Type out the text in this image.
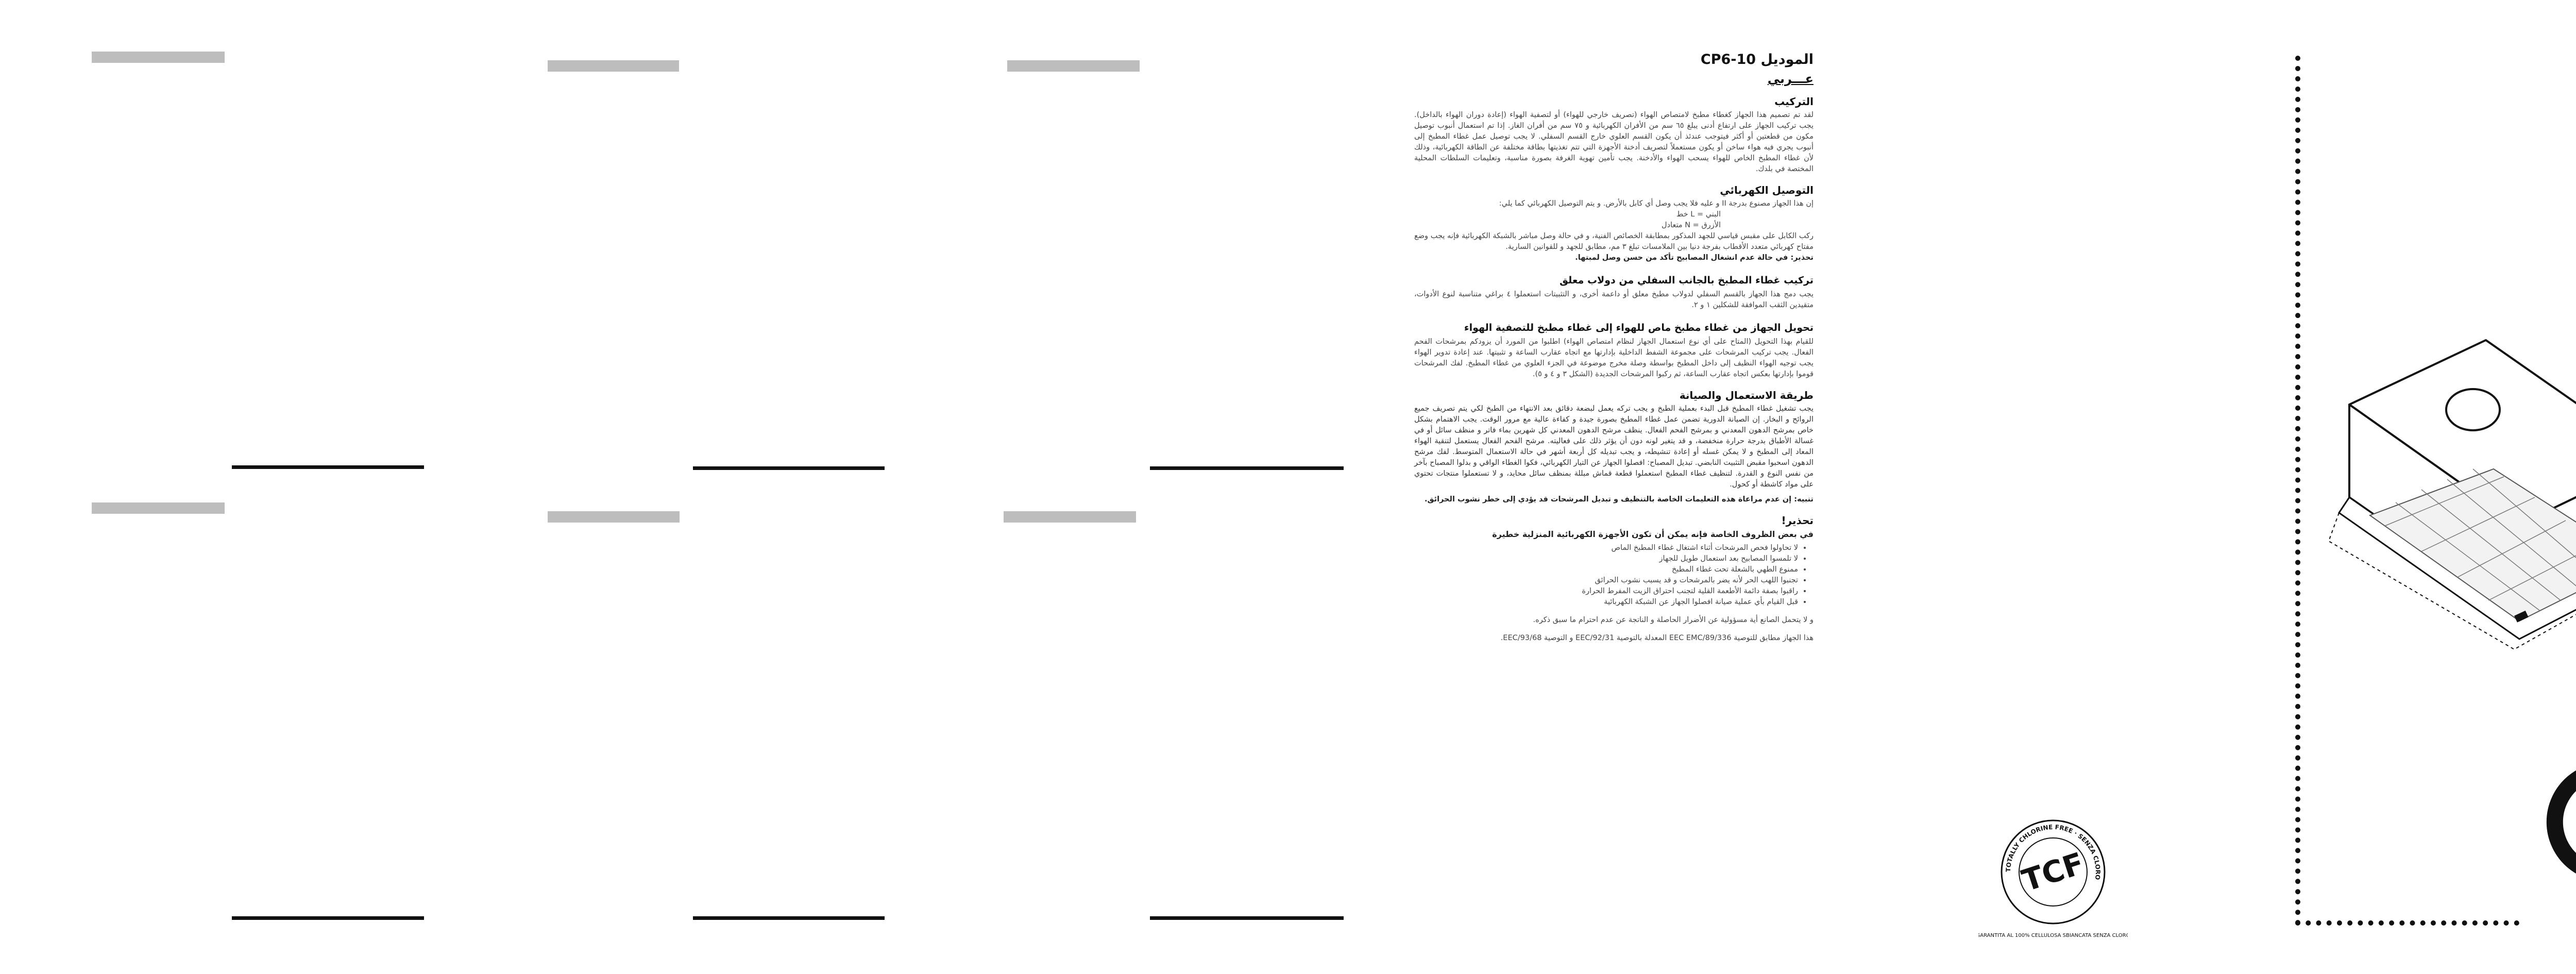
الموديل CP6-10
عـــربي
التركيب

لقد تم تصميم هذا الجهاز كغطاء مطبخ لامتصاص الهواء (تصريف خارجي للهواء) أو لتصفية الهواء (إعادة دوران الهواء بالداخل). يجب تركيب الجهاز على ارتفاع أدنى يبلغ ٦٥ سم من الأفران الكهربائية و ٧٥ سم من أفران الغاز. إذا تم استعمال أنبوب توصيل مكون من قطعتين أو أكثر فيتوجب عندئذ أن يكون القسم العلوي خارج القسم السفلي. لا يجب توصيل عمل غطاء المطبخ إلى أنبوب يجري فيه هواء ساخن أو يكون مستعملاً لتصريف أدخنة الأجهزة التي تتم تغذيتها بطاقة مختلفة عن الطاقة الكهربائية، وذلك لأن غطاء المطبخ الخاص للهواء يسحب الهواء والأدخنة. يجب تأمين تهوية الغرفة بصورة مناسبة، وتعليمات السلطات المحلية المختصة في بلدك.

التوصيل الكهربائي

إن هذا الجهاز مصنوع بدرجة II و عليه فلا يجب وصل أي كابل بالأرض. و يتم التوصيل الكهربائي كما يلي:

البني = L خط

الأزرق = N متعادل

ركب الكابل على مقبس قياسي للجهد المذكور بمطابقة الخصائص الفنية، و في حالة وصل مباشر بالشبكة الكهربائية فإنه يجب وضع مفتاح كهربائي متعدد الأقطاب بفرجة دنيا بين الملامسات تبلغ ٣ مم، مطابق للجهد و للقوانين السارية.

تحذير: في حالة عدم انشغال المصابيح تأكد من حسن وصل لمبتها.

تركيب غطاء المطبخ بالجانب السفلي من دولاب معلق

يجب دمج هذا الجهاز بالقسم السفلي لدولاب مطبخ معلق أو داعمة أخرى، و التثبيتات استعملوا ٤ براغي متناسبة لنوع الأدوات، متقيدين الثقب الموافقة للشكلين ١ و ٢.

تحويل الجهاز من غطاء مطبخ ماص للهواء إلى غطاء مطبخ للتصفية الهواء

للقيام بهذا التحويل (المتاح على أي نوع استعمال الجهاز لنظام امتصاص الهواء) اطلبوا من المورد أن يزودكم بمرشحات الفحم الفعال. يجب تركيب المرشحات على مجموعة الشفط الداخلية بإدارتها مع اتجاه عقارب الساعة و تثبيتها. عند إعادة تدوير الهواء يجب توجيه الهواء النظيف إلى داخل المطبخ بواسطة وصلة مخرج موضوعة في الجزء العلوي من غطاء المطبخ. لفك المرشحات قوموا بإدارتها بعكس اتجاه عقارب الساعة، ثم ركبوا المرشحات الجديدة (الشكل ٣ و ٤ و ٥).

طريقة الاستعمال والصيانة

يجب تشغيل غطاء المطبخ قبل البدء بعملية الطبخ و يجب تركه يعمل لبضعة دقائق بعد الانتهاء من الطبخ لكي يتم تصريف جميع الروائح و البخار. إن الصيانة الدورية تضمن عمل غطاء المطبخ بصورة جيدة و كفاءة عالية مع مرور الوقت. يجب الاهتمام بشكل خاص بمرشح الدهون المعدني و بمرشح الفحم الفعال. ينظف مرشح الدهون المعدني كل شهرين بماء فاتر و منظف سائل أو في غسالة الأطباق بدرجة حرارة منخفضة، و قد يتغير لونه دون أن يؤثر ذلك على فعاليته. مرشح الفحم الفعال يستعمل لتنقية الهواء المعاد إلى المطبخ و لا يمكن غسله أو إعادة تنشيطه، و يجب تبديله كل أربعة أشهر في حالة الاستعمال المتوسط. لفك مرشح الدهون اسحبوا مقبض التثبيت النابضي. تبديل المصباح: افصلوا الجهاز عن التيار الكهربائي، فكوا الغطاء الواقي و بدلوا المصباح بآخر من نفس النوع و القدرة. لتنظيف غطاء المطبخ استعملوا قطعة قماش مبللة بمنظف سائل محايد، و لا تستعملوا منتجات تحتوي على مواد كاشطة أو كحول.

تنبيه: إن عدم مراعاة هذه التعليمات الخاصة بالتنظيف و تبديل المرشحات قد يؤدي إلى خطر نشوب الحرائق.

تحذير!
في بعض الظروف الخاصة فإنه يمكن أن تكون الأجهزة الكهربائية المنزلية خطيرة
• لا تحاولوا فحص المرشحات أثناء اشتغال غطاء المطبخ الماص
• لا تلمسوا المصابيح بعد استعمال طويل للجهاز
• ممنوع الطهي بالشعلة تحت غطاء المطبخ
• تجنبوا اللهب الحر لأنه يضر بالمرشحات و قد يسبب نشوب الحرائق
• راقبوا بصفة دائمة الأطعمة القلية لتجنب احتراق الزيت المفرط الحرارة
• قبل القيام بأي عملية صيانة افصلوا الجهاز عن الشبكة الكهربائية

و لا يتحمل الصانع أية مسؤولية عن الأضرار الحاصلة و الناتجة عن عدم احترام ما سبق ذكره.

هذا الجهاز مطابق للتوصية 89/336/EEC EMC المعدلة بالتوصية 92/31/EEC و التوصية 93/68/EEC.

TOTALLY CHLORINE FREE · SENZA CLORO
TCF
GARANTITA AL 100% CELLULOSA SBIANCATA SENZA CLORO
